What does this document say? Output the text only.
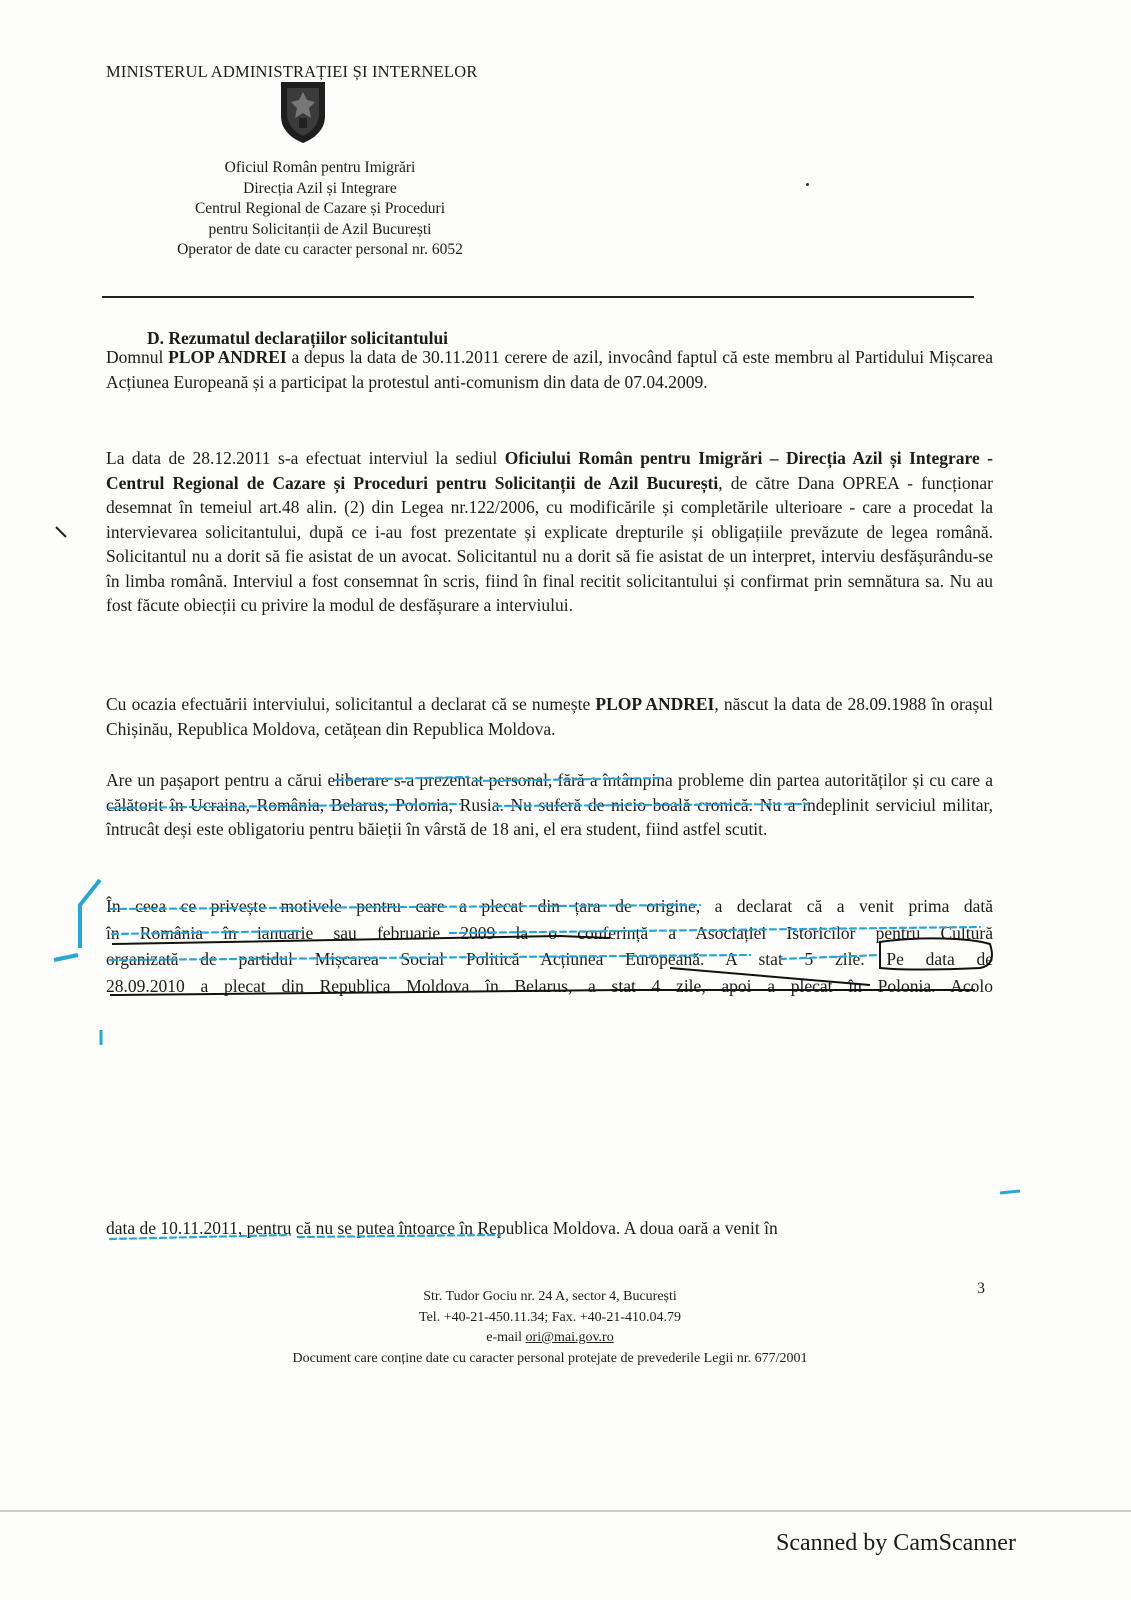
MINISTERUL ADMINISTRAȚIEI ȘI INTERNELOR
Oficiul Român pentru Imigrări
Direcția Azil și Integrare
Centrul Regional de Cazare și Proceduri
pentru Solicitanții de Azil București
Operator de date cu caracter personal nr. 6052
D. Rezumatul declarațiilor solicitantului
Domnul PLOP ANDREI a depus la data de 30.11.2011 cerere de azil, invocând faptul că este membru al Partidului Mișcarea Acțiunea Europeană și a participat la protestul anti-comunism din data de 07.04.2009.
La data de 28.12.2011 s-a efectuat interviul la sediul Oficiului Român pentru Imigrări – Direcția Azil și Integrare - Centrul Regional de Cazare și Proceduri pentru Solicitanții de Azil București, de către Dana OPREA - funcționar desemnat în temeiul art.48 alin. (2) din Legea nr.122/2006, cu modificările și completările ulterioare - care a procedat la intervievarea solicitantului, după ce i-au fost prezentate și explicate drepturile și obligațiile prevăzute de legea română. Solicitantul nu a dorit să fie asistat de un avocat. Solicitantul nu a dorit să fie asistat de un interpret, interviu desfășurându-se în limba română. Interviul a fost consemnat în scris, fiind în final recitit solicitantului și confirmat prin semnătura sa. Nu au fost făcute obiecții cu privire la modul de desfășurare a interviului.
Cu ocazia efectuării interviului, solicitantul a declarat că se numește PLOP ANDREI, născut la data de 28.09.1988 în orașul Chișinău, Republica Moldova, cetățean din Republica Moldova.
Are un pașaport pentru a cărui eliberare s-a prezentat personal, fără a întâmpina probleme din partea autorităților și cu care a călătorit în Ucraina, România, Belarus, Polonia, Rusia. Nu suferă de nicio boală cronică. Nu a îndeplinit serviciul militar, întrucât deși este obligatoriu pentru băieții în vârstă de 18 ani, el era student, fiind astfel scutit.
În ceea ce privește motivele pentru care a plecat din țara de origine, a declarat că a venit prima dată
în România în ianuarie sau februarie 2009 la o conferință a Asociației Istoricilor pentru Cultură
organizată de partidul Mișcarea Social Politică Acțiunea Europeană. A stat 5 zile. Pe data de
28.09.2010 a plecat din Republica Moldova în Belarus, a stat 4 zile, apoi a plecat în Polonia. Acolo
data de 10.11.2011, pentru că nu se putea întoarce în Republica Moldova. A doua oară a venit în
Str. Tudor Gociu nr. 24 A, sector 4, București
Tel. +40-21-450.11.34; Fax. +40-21-410.04.79
e-mail ori@mai.gov.ro
Document care conține date cu caracter personal protejate de prevederile Legii nr. 677/2001
3
Scanned by CamScanner
